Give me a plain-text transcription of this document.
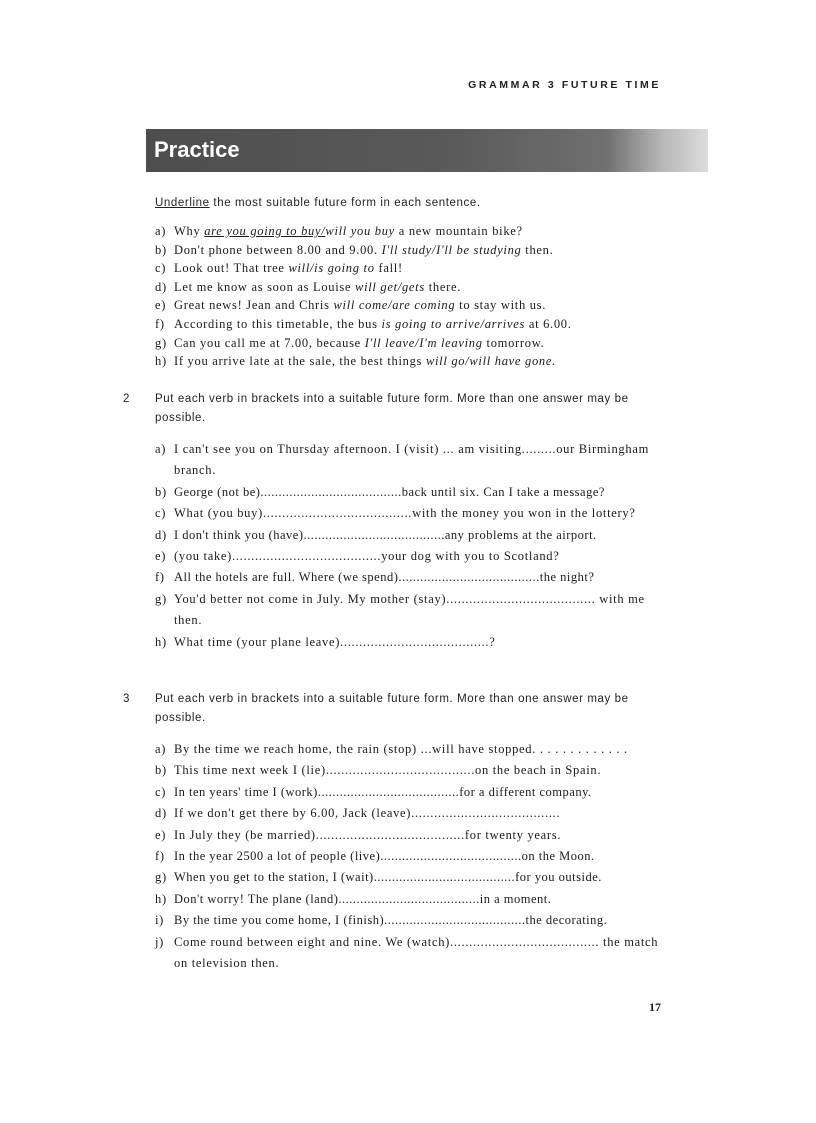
GRAMMAR 3 FUTURE TIME
Practice
Underline the most suitable future form in each sentence.
a) Why are you going to buy/will you buy a new mountain bike?
b) Don't phone between 8.00 and 9.00. I'll study/I'll be studying then.
c) Look out! That tree will/is going to fall!
d) Let me know as soon as Louise will get/gets there.
e) Great news! Jean and Chris will come/are coming to stay with us.
f) According to this timetable, the bus is going to arrive/arrives at 6.00.
g) Can you call me at 7.00, because I'll leave/I'm leaving tomorrow.
h) If you arrive late at the sale, the best things will go/will have gone.
2 Put each verb in brackets into a suitable future form. More than one answer may be possible.
a) I can't see you on Thursday afternoon. I (visit) ... am visiting.........our Birmingham branch.
b) George (not be).......................................back until six. Can I take a message?
c) What (you buy).......................................with the money you won in the lottery?
d) I don't think you (have).......................................any problems at the airport.
e) (you take).......................................your dog with you to Scotland?
f) All the hotels are full. Where (we spend).......................................the night?
g) You'd better not come in July. My mother (stay)....................................... with me then.
h) What time (your plane leave).......................................?
3 Put each verb in brackets into a suitable future form. More than one answer may be possible.
a) By the time we reach home, the rain (stop) ...will have stopped. . . . . . . . . . . . .
b) This time next week I (lie).......................................on the beach in Spain.
c) In ten years' time I (work).......................................for a different company.
d) If we don't get there by 6.00, Jack (leave).......................................
e) In July they (be married).......................................for twenty years.
f) In the year 2500 a lot of people (live).......................................on the Moon.
g) When you get to the station, I (wait).......................................for you outside.
h) Don't worry! The plane (land).......................................in a moment.
i) By the time you come home, I (finish).......................................the decorating.
j) Come round between eight and nine. We (watch)....................................... the match on television then.
17
